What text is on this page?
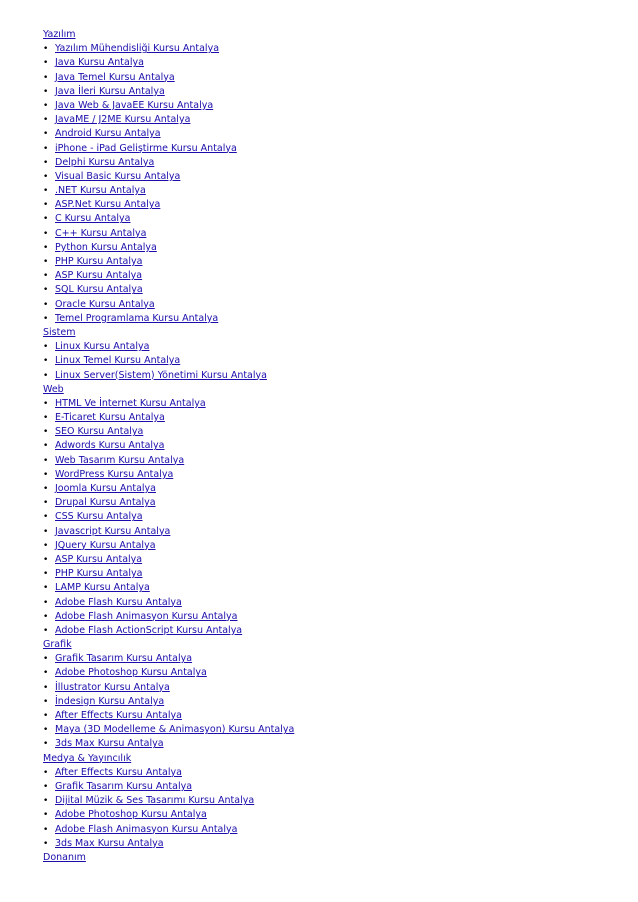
Yazılım
• Yazılım Mühendisliği Kursu Antalya
• Java Kursu Antalya
• Java Temel Kursu Antalya
• Java İleri Kursu Antalya
• Java Web & JavaEE Kursu Antalya
• JavaME / J2ME Kursu Antalya
• Android Kursu Antalya
• iPhone - iPad Geliştirme Kursu Antalya
• Delphi Kursu Antalya
• Visual Basic Kursu Antalya
• .NET Kursu Antalya
• ASP.Net Kursu Antalya
• C Kursu Antalya
• C++ Kursu Antalya
• Python Kursu Antalya
• PHP Kursu Antalya
• ASP Kursu Antalya
• SQL Kursu Antalya
• Oracle Kursu Antalya
• Temel Programlama Kursu Antalya
Sistem
• Linux Kursu Antalya
• Linux Temel Kursu Antalya
• Linux Server(Sistem) Yönetimi Kursu Antalya
Web
• HTML Ve İnternet Kursu Antalya
• E-Ticaret Kursu Antalya
• SEO Kursu Antalya
• Adwords Kursu Antalya
• Web Tasarım Kursu Antalya
• WordPress Kursu Antalya
• Joomla Kursu Antalya
• Drupal Kursu Antalya
• CSS Kursu Antalya
• Javascript Kursu Antalya
• JQuery Kursu Antalya
• ASP Kursu Antalya
• PHP Kursu Antalya
• LAMP Kursu Antalya
• Adobe Flash Kursu Antalya
• Adobe Flash Animasyon Kursu Antalya
• Adobe Flash ActionScript Kursu Antalya
Grafik
• Grafik Tasarım Kursu Antalya
• Adobe Photoshop Kursu Antalya
• İllustrator Kursu Antalya
• İndesign Kursu Antalya
• After Effects Kursu Antalya
• Maya (3D Modelleme & Animasyon) Kursu Antalya
• 3ds Max Kursu Antalya
Medya & Yayıncılık
• After Effects Kursu Antalya
• Grafik Tasarım Kursu Antalya
• Dijital Müzik & Ses Tasarımı Kursu Antalya
• Adobe Photoshop Kursu Antalya
• Adobe Flash Animasyon Kursu Antalya
• 3ds Max Kursu Antalya
Donanım
